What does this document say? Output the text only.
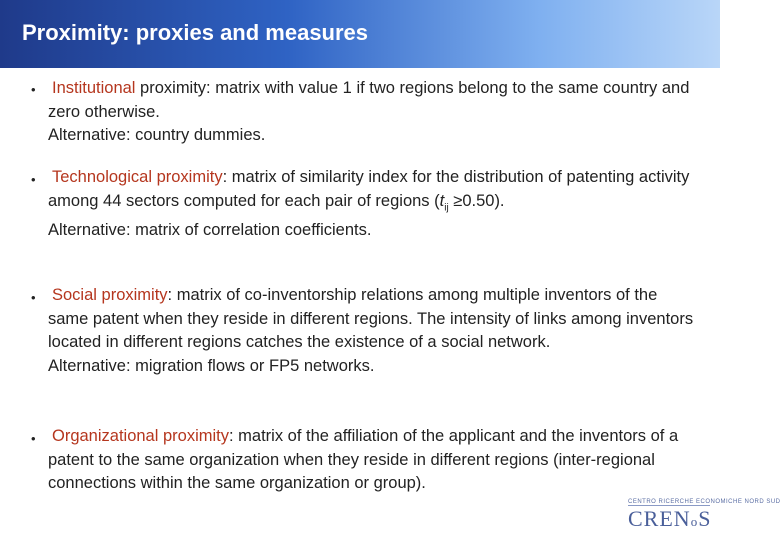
Proximity: proxies and measures
• Institutional proximity: matrix with value 1 if two regions belong to the same country and zero otherwise.
Alternative: country dummies.
• Technological proximity: matrix of similarity index for the distribution of patenting activity among 44 sectors computed for each pair of regions $(t_{ij} \ge 0.50)$.
Alternative: matrix of correlation coefficients.
• Social proximity: matrix of co-inventorship relations among multiple inventors of the same patent when they reside in different regions. The intensity of links among inventors located in different regions catches the existence of a social network.
Alternative: migration flows or FP5 networks.
• Organizational proximity: matrix of the affiliation of the applicant and the inventors of a patent to the same organization when they reside in different regions (inter-regional connections within the same organization or group).
CENTRO RICERCHE ECONOMICHE NORD SUD
CRENoS
